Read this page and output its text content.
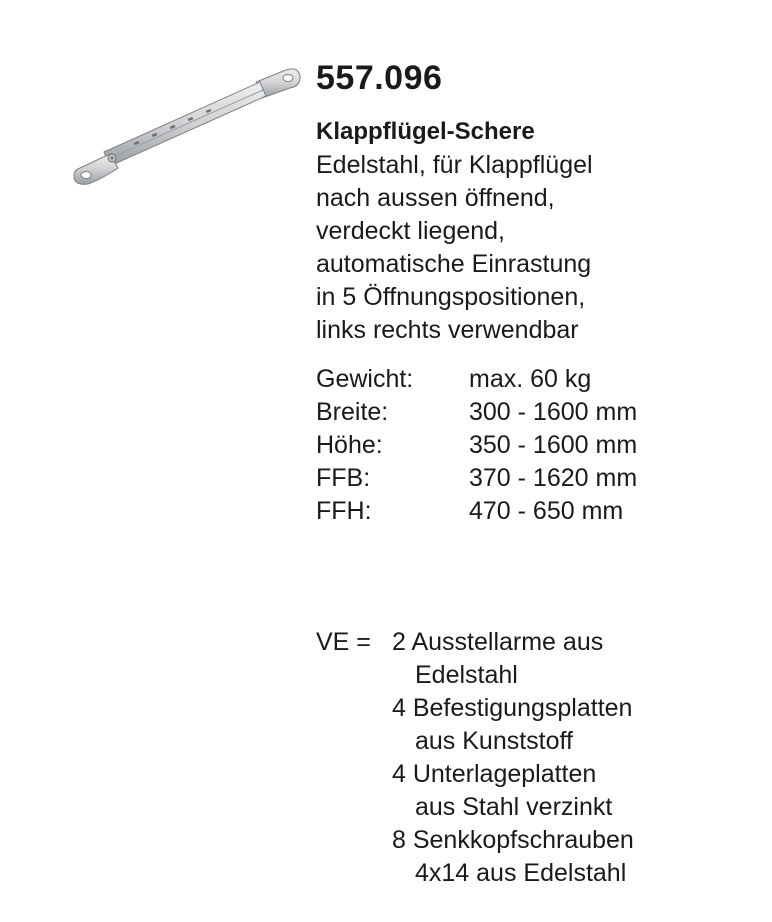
557.096
Klappflügel-Schere
Edelstahl, für Klappflügel
nach aussen öffnend,
verdeckt liegend,
automatische Einrastung
in 5 Öffnungspositionen,
links rechts verwendbar
Gewicht:	max. 60 kg
Breite:	300 - 1600 mm
Höhe:	350 - 1600 mm
FFB:	370 - 1620 mm
FFH:	470 - 650 mm
VE = 2 Ausstellarme aus
Edelstahl
4 Befestigungsplatten
aus Kunststoff
4 Unterlageplatten
aus Stahl verzinkt
8 Senkkopfschrauben
4x14 aus Edelstahl
